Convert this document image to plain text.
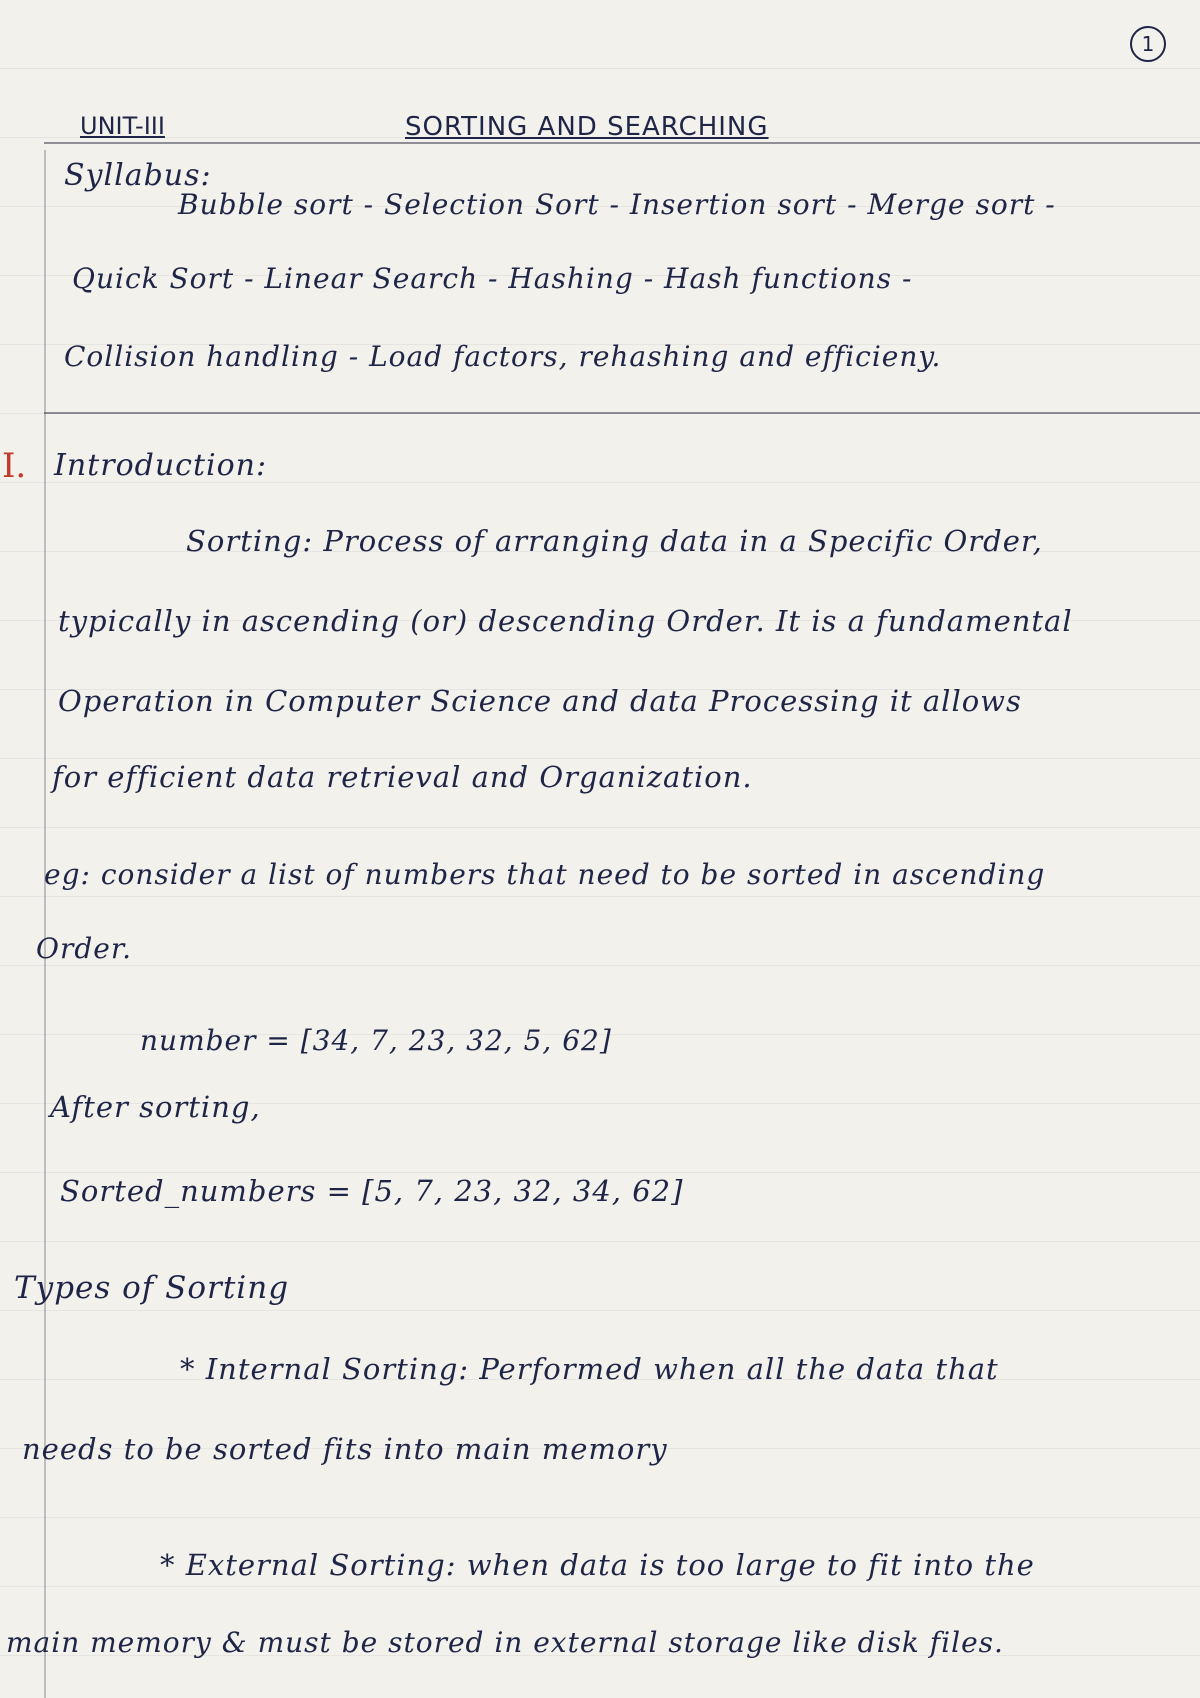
1
UNIT-III	SORTING AND SEARCHING
Syllabus:
Bubble sort - Selection Sort - Insertion sort - Merge sort -
Quick Sort - Linear Search - Hashing - Hash functions -
Collision handling - Load factors, rehashing and efficieny.
I. Introduction:
Sorting: Process of arranging data in a Specific Order,
typically in ascending (or) descending Order. It is a fundamental
Operation in Computer Science and data Processing it allows
for efficient data retrieval and Organization.
eg: consider a list of numbers that need to be sorted in ascending
Order.
number = [34, 7, 23, 32, 5, 62]
After sorting,
Sorted_numbers = [5, 7, 23, 32, 34, 62]
Types of Sorting
* Internal Sorting: Performed when all the data that
needs to be sorted fits into main memory
* External Sorting: when data is too large to fit into the
main memory & must be stored in external storage like disk files.
